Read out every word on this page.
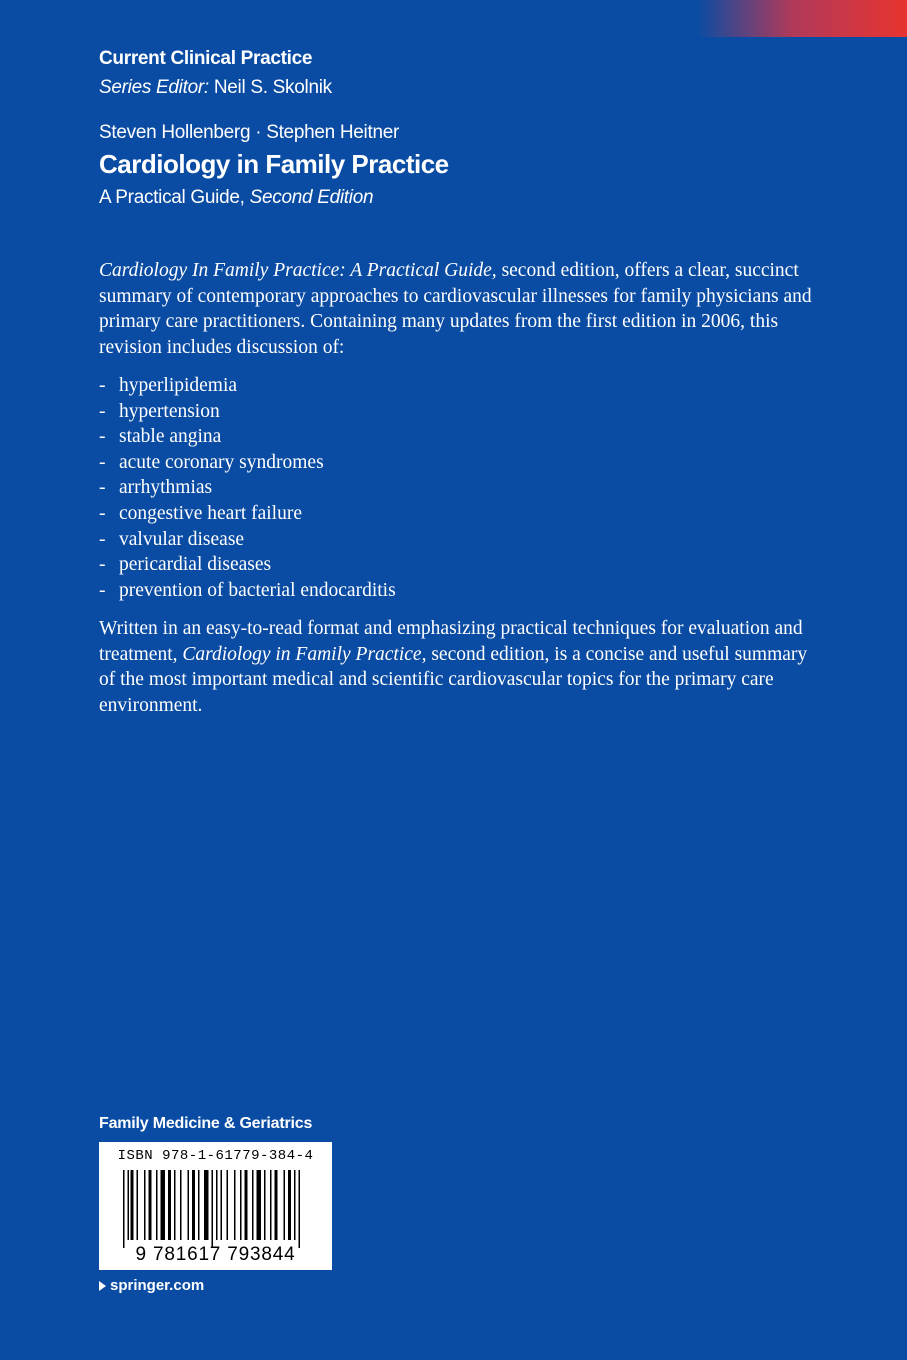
Current Clinical Practice
Series Editor: Neil S. Skolnik
Steven Hollenberg · Stephen Heitner
Cardiology in Family Practice
A Practical Guide, Second Edition

Cardiology In Family Practice: A Practical Guide, second edition, offers a clear, succinct summary of contemporary approaches to cardiovascular illnesses for family physicians and primary care practitioners. Containing many updates from the first edition in 2006, this revision includes discussion of:

- hyperlipidemia
- hypertension
- stable angina
- acute coronary syndromes
- arrhythmias
- congestive heart failure
- valvular disease
- pericardial diseases
- prevention of bacterial endocarditis

Written in an easy-to-read format and emphasizing practical techniques for evaluation and treatment, Cardiology in Family Practice, second edition, is a concise and useful summary of the most important medical and scientific cardiovascular topics for the primary care environment.

Family Medicine & Geriatrics
ISBN 978-1-61779-384-4
9 781617 793844
springer.com
